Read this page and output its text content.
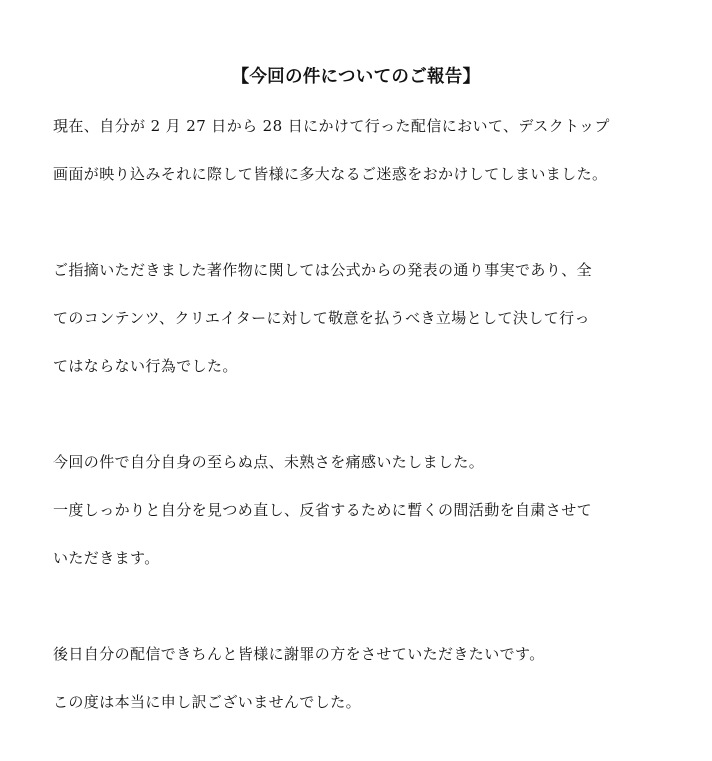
【今回の件についてのご報告】

現在、自分が 2 月 27 日から 28 日にかけて行った配信において、デスクトップ

画面が映り込みそれに際して皆様に多大なるご迷惑をおかけしてしまいました。

ご指摘いただきました著作物に関しては公式からの発表の通り事実であり、全

てのコンテンツ、クリエイターに対して敬意を払うべき立場として決して行っ

てはならない行為でした。

今回の件で自分自身の至らぬ点、未熟さを痛感いたしました。

一度しっかりと自分を見つめ直し、反省するために暫くの間活動を自粛させて

いただきます。

後日自分の配信できちんと皆様に謝罪の方をさせていただきたいです。

この度は本当に申し訳ございませんでした。
